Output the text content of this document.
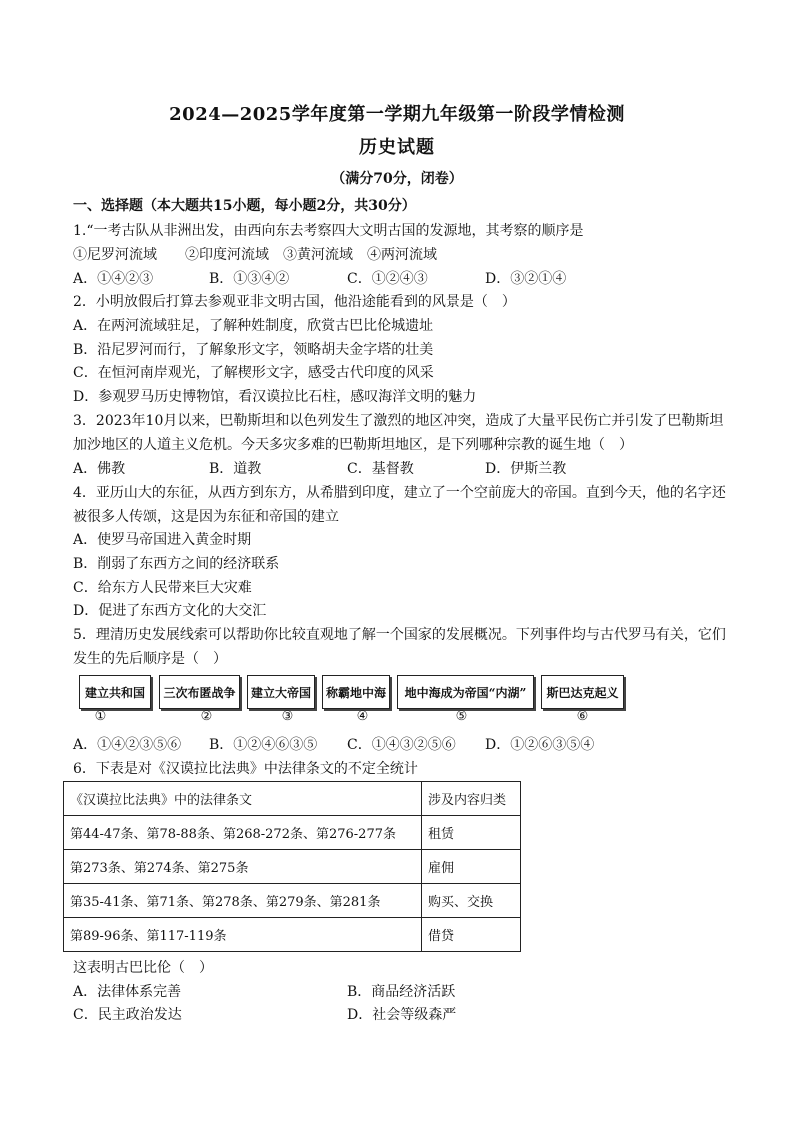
2024—2025学年度第一学期九年级第一阶段学情检测
历史试题
（满分70分，闭卷）
一、选择题（本大题共15小题，每小题2分，共30分）
1.“一考古队从非洲出发，由西向东去考察四大文明古国的发源地，其考察的顺序是
①尼罗河流域　　②印度河流域　③黄河流域　④两河流域
A．①④②③	B．①③④②	C．①②④③	D．③②①④
2．小明放假后打算去参观亚非文明古国，他沿途能看到的风景是（　）
A．在两河流域驻足，了解种姓制度，欣赏古巴比伦城遗址
B．沿尼罗河而行，了解象形文字，领略胡夫金字塔的壮美
C．在恒河南岸观光，了解楔形文字，感受古代印度的风采
D．参观罗马历史博物馆，看汉谟拉比石柱，感叹海洋文明的魅力
3．2023年10月以来，巴勒斯坦和以色列发生了激烈的地区冲突，造成了大量平民伤亡并引发了巴勒斯坦
加沙地区的人道主义危机。今天多灾多难的巴勒斯坦地区，是下列哪种宗教的诞生地（　）
A．佛教	B．道教	C．基督教	D．伊斯兰教
4．亚历山大的东征，从西方到东方，从希腊到印度，建立了一个空前庞大的帝国。直到今天，他的名字还
被很多人传颂，这是因为东征和帝国的建立
A．使罗马帝国进入黄金时期
B．削弱了东西方之间的经济联系
C．给东方人民带来巨大灾难
D．促进了东西方文化的大交汇
5．理清历史发展线索可以帮助你比较直观地了解一个国家的发展概况。下列事件均与古代罗马有关，它们
发生的先后顺序是（　）
建立共和国	三次布匿战争	建立大帝国	称霸地中海	地中海成为帝国“内湖”	斯巴达克起义
①	②	③	④	⑤	⑥
A．①④②③⑤⑥ B．①②④⑥③⑤ C．①④③②⑤⑥ D．①②⑥③⑤④
6．下表是对《汉谟拉比法典》中法律条文的不定全统计
《汉谟拉比法典》中的法律条文	涉及内容归类
第44-47条、第78-88条、第268-272条、第276-277条	租赁
第273条、第274条、第275条	雇佣
第35-41条、第71条、第278条、第279条、第281条	购买、交换
第89-96条、第117-119条	借贷
这表明古巴比伦（　）
A．法律体系完善	B．商品经济活跃
C．民主政治发达	D．社会等级森严
